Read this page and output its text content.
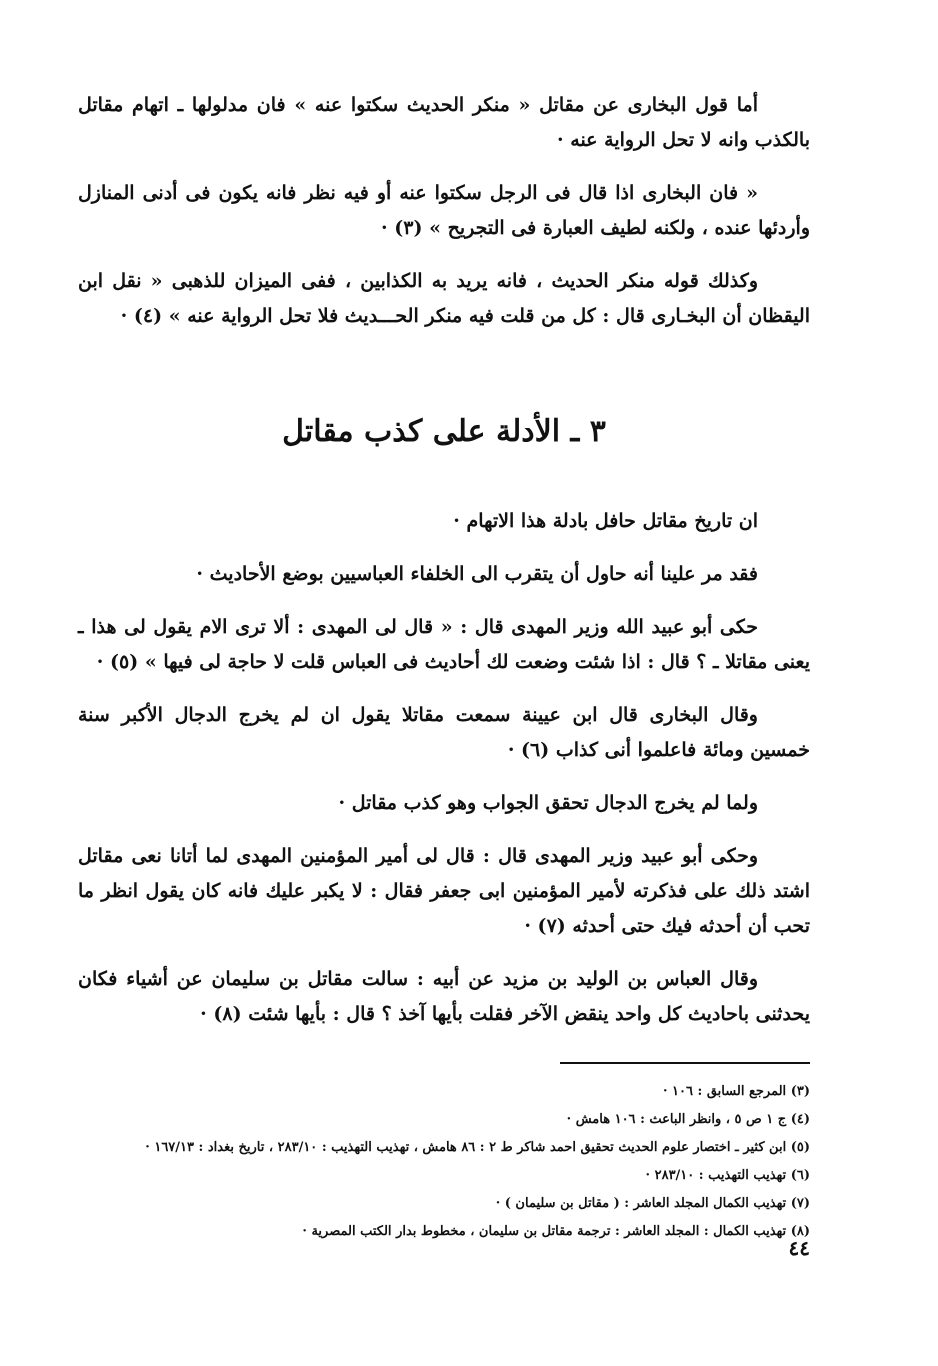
أما قول البخارى عن مقاتل « منكر الحديث سكتوا عنه » فان مدلولها ـ اتهام مقاتل بالكذب وانه لا تحل الرواية عنه ·

« فان البخارى اذا قال فى الرجل سكتوا عنه أو فيه نظر فانه يكون فى أدنى المنازل وأردئها عنده ، ولكنه لطيف العبارة فى التجريح » (٣) ·

وكذلك قوله منكر الحديث ، فانه يريد به الكذابين ، ففى الميزان للذهبى « نقل ابن اليقظان أن البخـارى قال : كل من قلت فيه منكر الحـــديث فلا تحل الرواية عنه » (٤) ·

٣ ـ الأدلة على كذب مقاتل

ان تاريخ مقاتل حافل بادلة هذا الاتهام ·

فقد مر علينا أنه حاول أن يتقرب الى الخلفاء العباسيين بوضع الأحاديث ·

حكى أبو عبيد الله وزير المهدى قال : « قال لى المهدى : ألا ترى الام يقول لى هذا ـ يعنى مقاتلا ـ ؟ قال : اذا شئت وضعت لك أحاديث فى العباس قلت لا حاجة لى فيها » (٥) ·

وقال البخارى قال ابن عيينة سمعت مقاتلا يقول ان لم يخرج الدجال الأكبر سنة خمسين ومائة فاعلموا أنى كذاب (٦) ·

ولما لم يخرج الدجال تحقق الجواب وهو كذب مقاتل ·

وحكى أبو عبيد وزير المهدى قال : قال لى أمير المؤمنين المهدى لما أتانا نعى مقاتل اشتد ذلك على فذكرته لأمير المؤمنين ابى جعفر فقال : لا يكبر عليك فانه كان يقول انظر ما تحب أن أحدثه فيك حتى أحدثه (٧) ·

وقال العباس بن الوليد بن مزيد عن أبيه : سالت مقاتل بن سليمان عن أشياء فكان يحدثنى باحاديث كل واحد ينقض الآخر فقلت بأيها آخذ ؟ قال : بأيها شئت (٨) ·

(٣) المرجع السابق : ١٠٦ ·

(٤) ج ١ ص ٥ ، وانظر الباعث : ١٠٦ هامش ·

(٥) ابن كثير ـ اختصار علوم الحديث تحقيق احمد شاكر ط ٢ : ٨٦ هامش ، تهذيب التهذيب : ٢٨٣/١٠ ، تاريخ بغداد : ١٦٧/١٣ ·

(٦) تهذيب التهذيب : ٢٨٣/١٠ ·

(٧) تهذيب الكمال المجلد العاشر : ( مقاتل بن سليمان ) ·

(٨) تهذيب الكمال : المجلد العاشر : ترجمة مقاتل بن سليمان ، مخطوط بدار الكتب المصرية ·

٤٤
